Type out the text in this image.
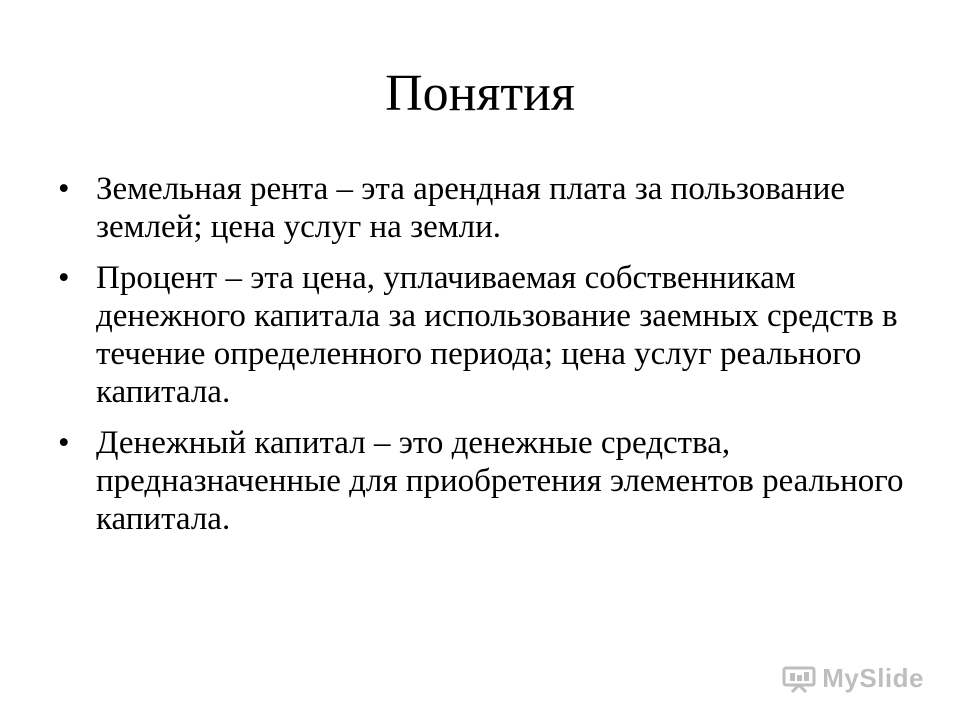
Понятия
• Земельная рента – эта арендная плата за пользование землей; цена услуг на земли.
• Процент – эта цена, уплачиваемая собственникам денежного капитала за использование заемных средств в течение определенного периода; цена услуг реального капитала.
• Денежный капитал – это денежные средства, предназначенные для приобретения элементов реального капитала.
MySlide
